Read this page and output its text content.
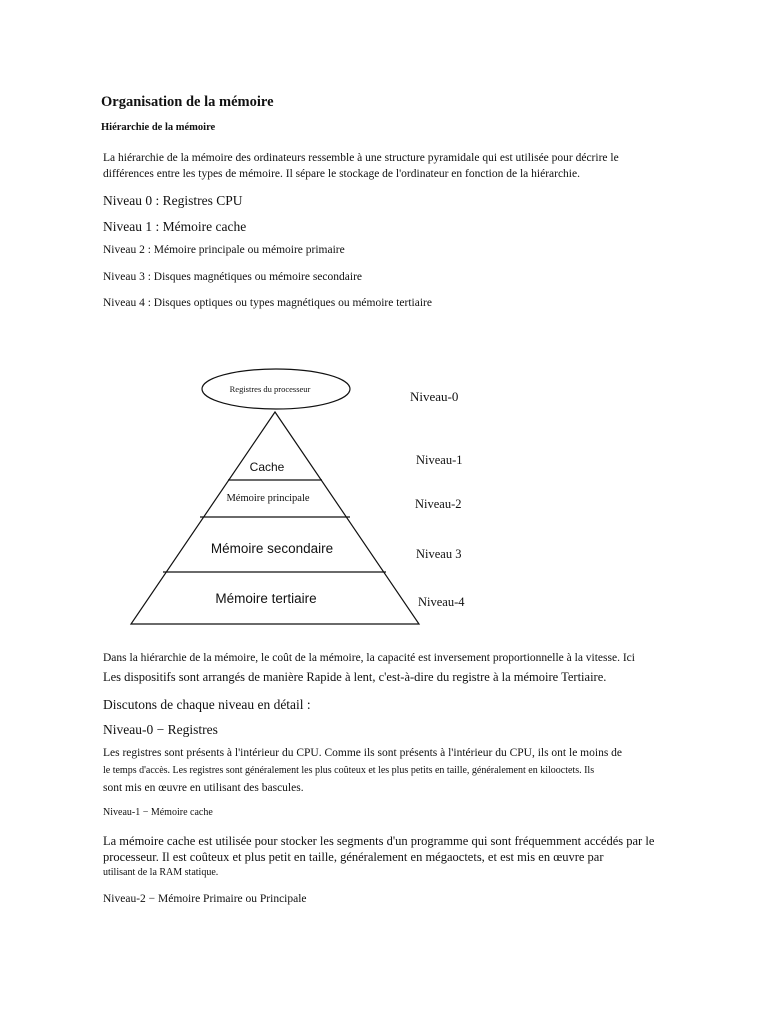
Organisation de la mémoire
Hiérarchie de la mémoire
La hiérarchie de la mémoire des ordinateurs ressemble à une structure pyramidale qui est utilisée pour décrire le
différences entre les types de mémoire. Il sépare le stockage de l'ordinateur en fonction de la hiérarchie.
Niveau 0 : Registres CPU
Niveau 1 : Mémoire cache
Niveau 2 : Mémoire principale ou mémoire primaire
Niveau 3 : Disques magnétiques ou mémoire secondaire
Niveau 4 : Disques optiques ou types magnétiques ou mémoire tertiaire
Registres du processeur
Cache
Mémoire principale
Mémoire secondaire
Mémoire tertiaire
Niveau-0
Niveau-1
Niveau-2
Niveau 3
Niveau-4
Dans la hiérarchie de la mémoire, le coût de la mémoire, la capacité est inversement proportionnelle à la vitesse. Ici
Les dispositifs sont arrangés de manière Rapide à lent, c'est-à-dire du registre à la mémoire Tertiaire.
Discutons de chaque niveau en détail :
Niveau-0 − Registres
Les registres sont présents à l'intérieur du CPU. Comme ils sont présents à l'intérieur du CPU, ils ont le moins de
le temps d'accès. Les registres sont généralement les plus coûteux et les plus petits en taille, généralement en kilooctets. Ils
sont mis en œuvre en utilisant des bascules.
Niveau-1 − Mémoire cache
La mémoire cache est utilisée pour stocker les segments d'un programme qui sont fréquemment accédés par le
processeur. Il est coûteux et plus petit en taille, généralement en mégaoctets, et est mis en œuvre par
utilisant de la RAM statique.
Niveau-2 − Mémoire Primaire ou Principale
